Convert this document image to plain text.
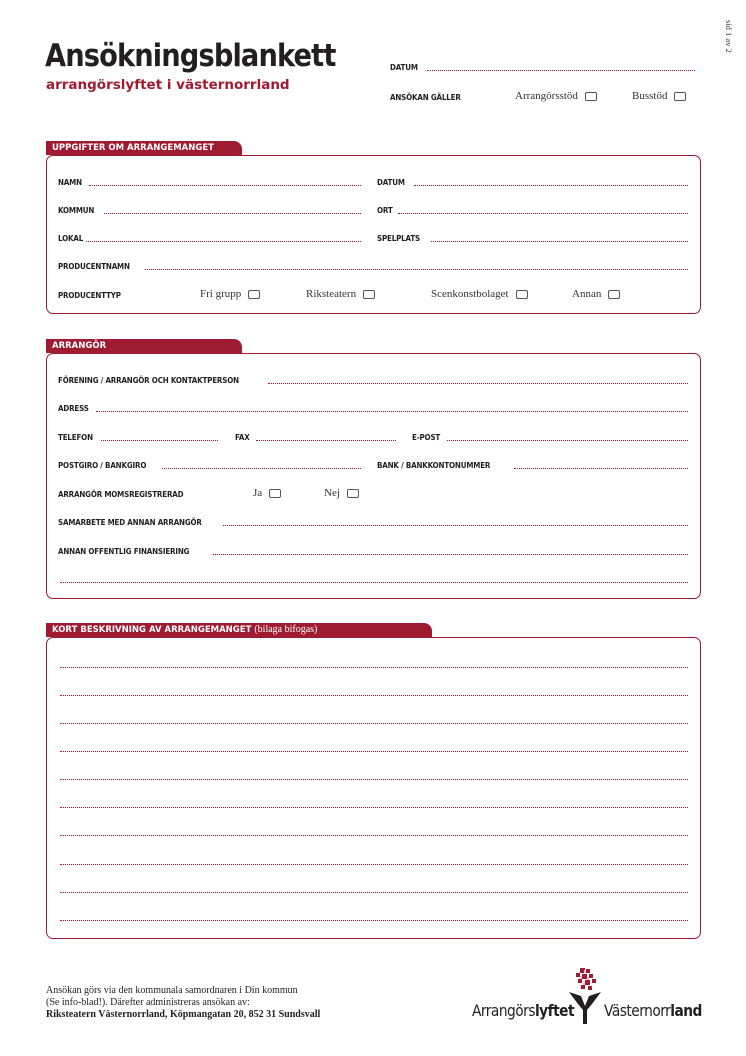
Ansökningsblankett
arrangörslyftet i västernorrland
sid 1 av 2
DATUM
ANSÖKAN GÄLLER	Arrangörsstöd	Busstöd
UPPGIFTER OM ARRANGEMANGET
NAMN	DATUM
KOMMUN	ORT
LOKAL	SPELPLATS
PRODUCENTNAMN
PRODUCENTTYP	Fri grupp	Riksteatern	Scenkonstbolaget	Annan
ARRANGÖR
FÖRENING / ARRANGÖR OCH KONTAKTPERSON
ADRESS
TELEFON	FAX	E-POST
POSTGIRO / BANKGIRO	BANK / BANKKONTONUMMER
ARRANGÖR MOMSREGISTRERAD	Ja	Nej
SAMARBETE MED ANNAN ARRANGÖR
ANNAN OFFENTLIG FINANSIERING
KORT BESKRIVNING AV ARRANGEMANGET (bilaga bifogas)
Ansökan görs via den kommunala samordnaren i Din kommun
(Se info-blad!). Därefter administreras ansökan av:
Riksteatern Västernorrland, Köpmangatan 20, 852 31 Sundsvall	Arrangörslyftet Västernorrland
